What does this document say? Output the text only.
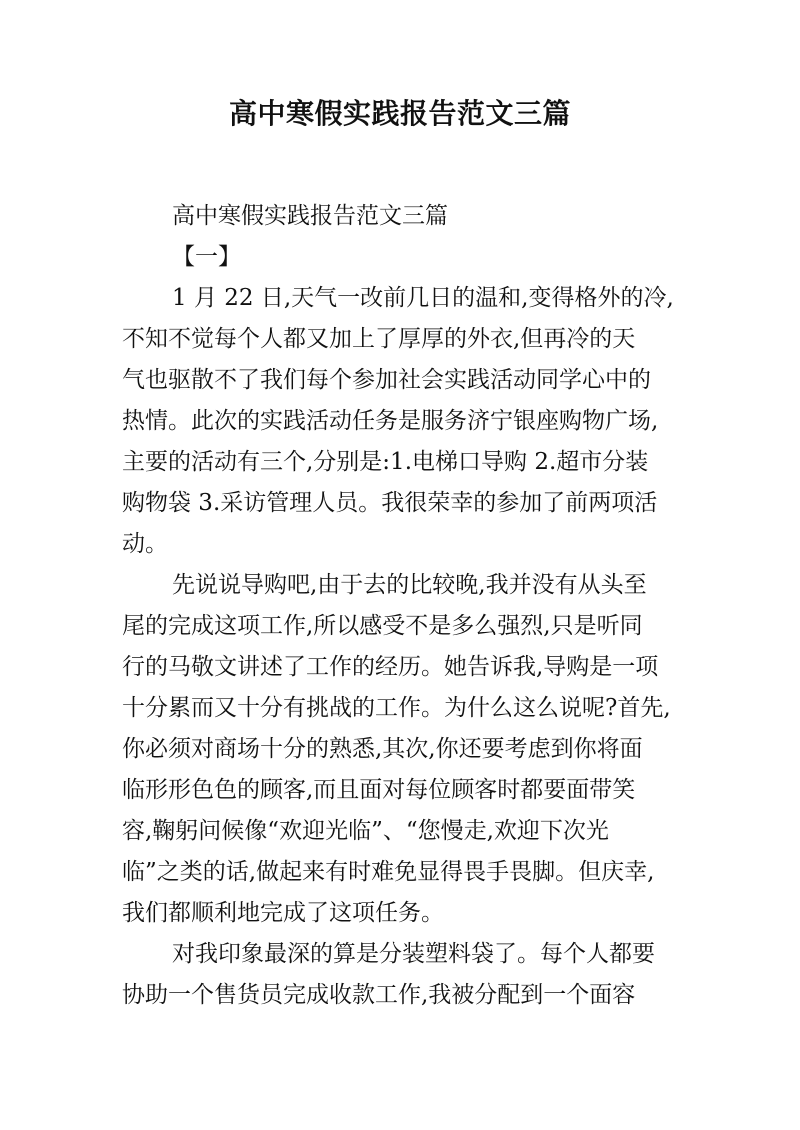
高中寒假实践报告范文三篇
高中寒假实践报告范文三篇
【一】
1 月 22 日,天气一改前几日的温和,变得格外的冷,
不知不觉每个人都又加上了厚厚的外衣,但再冷的天
气也驱散不了我们每个参加社会实践活动同学心中的
热情。此次的实践活动任务是服务济宁银座购物广场,
主要的活动有三个,分别是:1.电梯口导购 2.超市分装
购物袋 3.采访管理人员。我很荣幸的参加了前两项活
动。
先说说导购吧,由于去的比较晚,我并没有从头至
尾的完成这项工作,所以感受不是多么强烈,只是听同
行的马敬文讲述了工作的经历。她告诉我,导购是一项
十分累而又十分有挑战的工作。为什么这么说呢?首先,
你必须对商场十分的熟悉,其次,你还要考虑到你将面
临形形色色的顾客,而且面对每位顾客时都要面带笑
容,鞠躬问候像“欢迎光临”、“您慢走,欢迎下次光
临”之类的话,做起来有时难免显得畏手畏脚。但庆幸,
我们都顺利地完成了这项任务。
对我印象最深的算是分装塑料袋了。每个人都要
协助一个售货员完成收款工作,我被分配到一个面容
